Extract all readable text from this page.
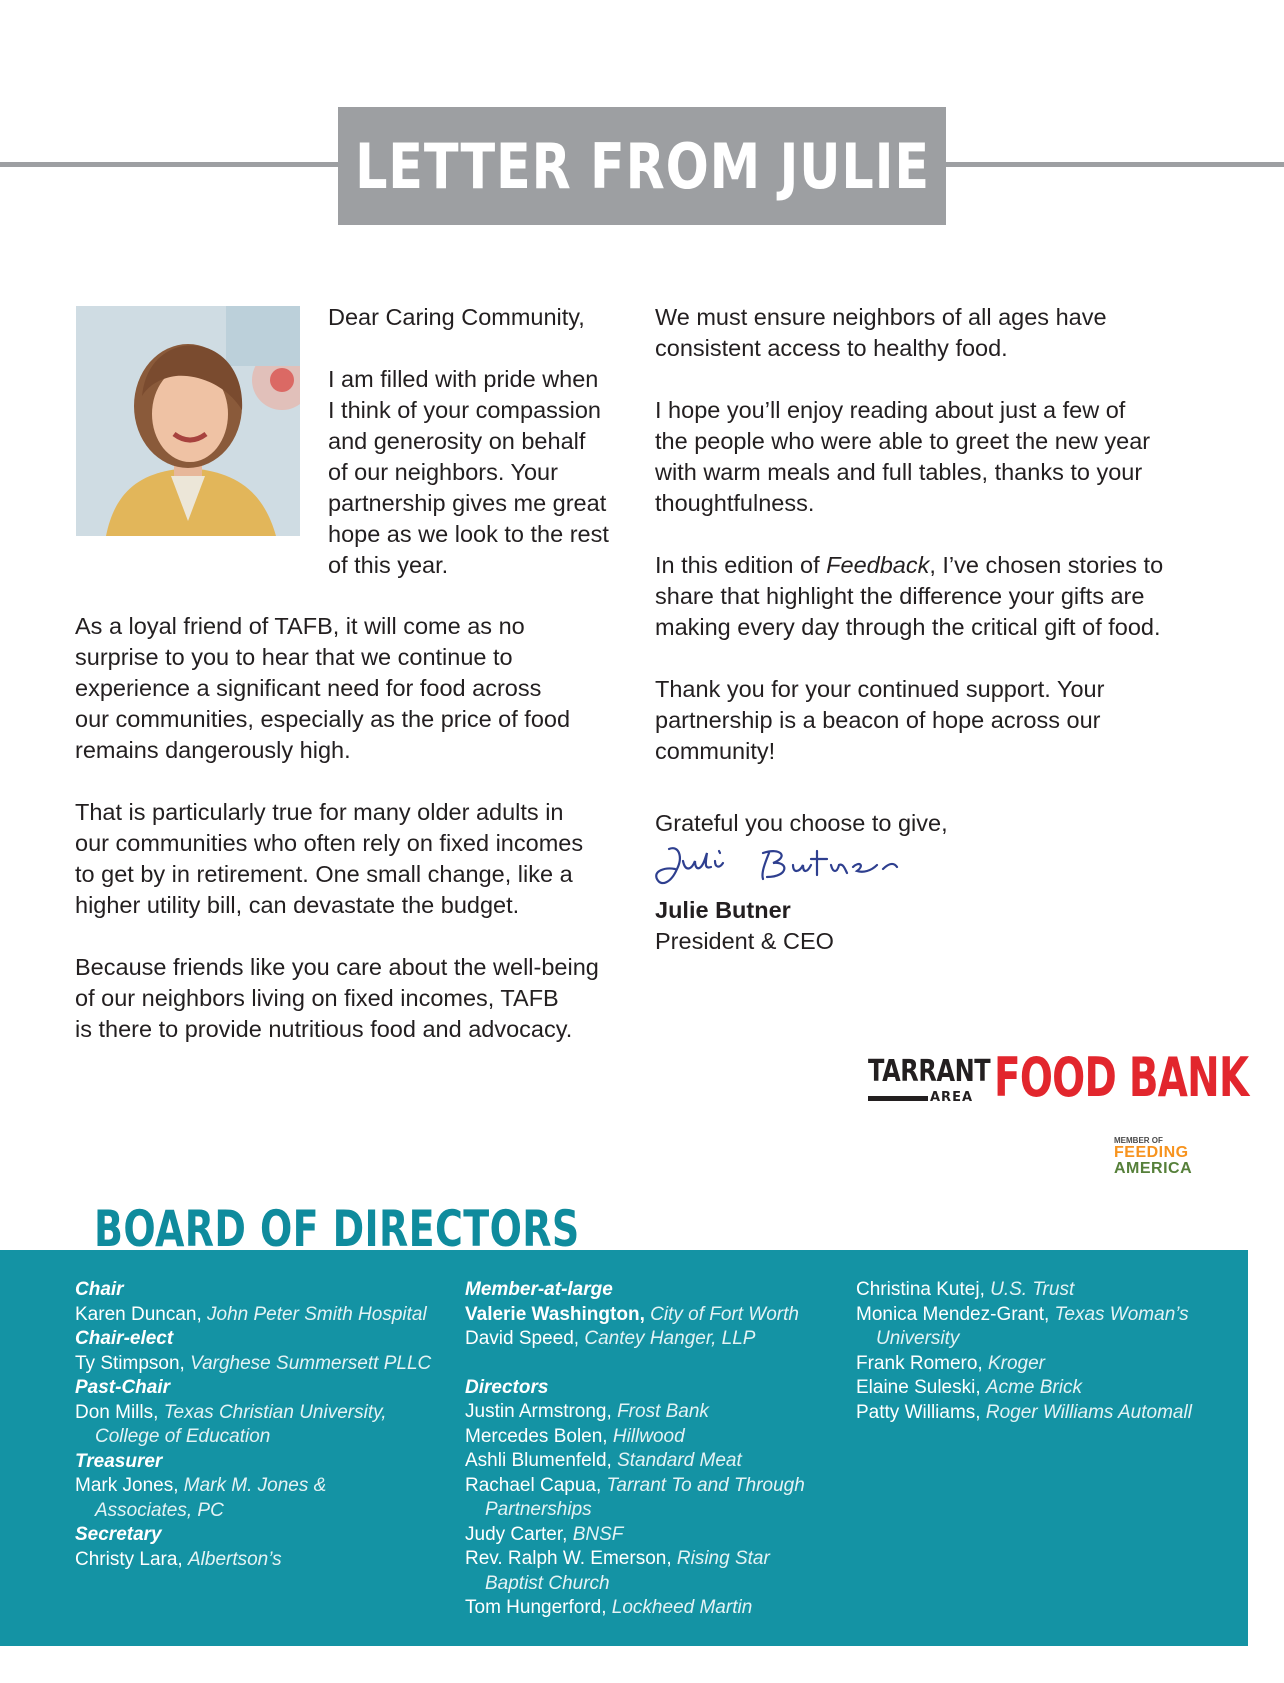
LETTER FROM JULIE

Dear Caring Community,

I am filled with pride when
I think of your compassion
and generosity on behalf
of our neighbors. Your
partnership gives me great
hope as we look to the rest
of this year.

As a loyal friend of TAFB, it will come as no
surprise to you to hear that we continue to
experience a significant need for food across
our communities, especially as the price of food
remains dangerously high.

That is particularly true for many older adults in
our communities who often rely on fixed incomes
to get by in retirement. One small change, like a
higher utility bill, can devastate the budget.

Because friends like you care about the well-being
of our neighbors living on fixed incomes, TAFB
is there to provide nutritious food and advocacy.

We must ensure neighbors of all ages have
consistent access to healthy food.

I hope you’ll enjoy reading about just a few of
the people who were able to greet the new year
with warm meals and full tables, thanks to your
thoughtfulness.

In this edition of Feedback, I’ve chosen stories to
share that highlight the difference your gifts are
making every day through the critical gift of food.

Thank you for your continued support. Your
partnership is a beacon of hope across our
community!

Grateful you choose to give,
Julie Butner
President & CEO
TARRANT
AREA FOOD BANK
MEMBER OF
FEEDING
AMERICA
BOARD OF DIRECTORS
Chair
Karen Duncan, John Peter Smith Hospital
Chair-elect
Ty Stimpson, Varghese Summersett PLLC
Past-Chair
Don Mills, Texas Christian University,
College of Education
Treasurer
Mark Jones, Mark M. Jones &
Associates, PC
Secretary
Christy Lara, Albertson’s
Member-at-large
Valerie Washington, City of Fort Worth
David Speed, Cantey Hanger, LLP
Directors
Justin Armstrong, Frost Bank
Mercedes Bolen, Hillwood
Ashli Blumenfeld, Standard Meat
Rachael Capua, Tarrant To and Through
Partnerships
Judy Carter, BNSF
Rev. Ralph W. Emerson, Rising Star
Baptist Church
Tom Hungerford, Lockheed Martin
Christina Kutej, U.S. Trust
Monica Mendez-Grant, Texas Woman’s
University
Frank Romero, Kroger
Elaine Suleski, Acme Brick
Patty Williams, Roger Williams Automall
